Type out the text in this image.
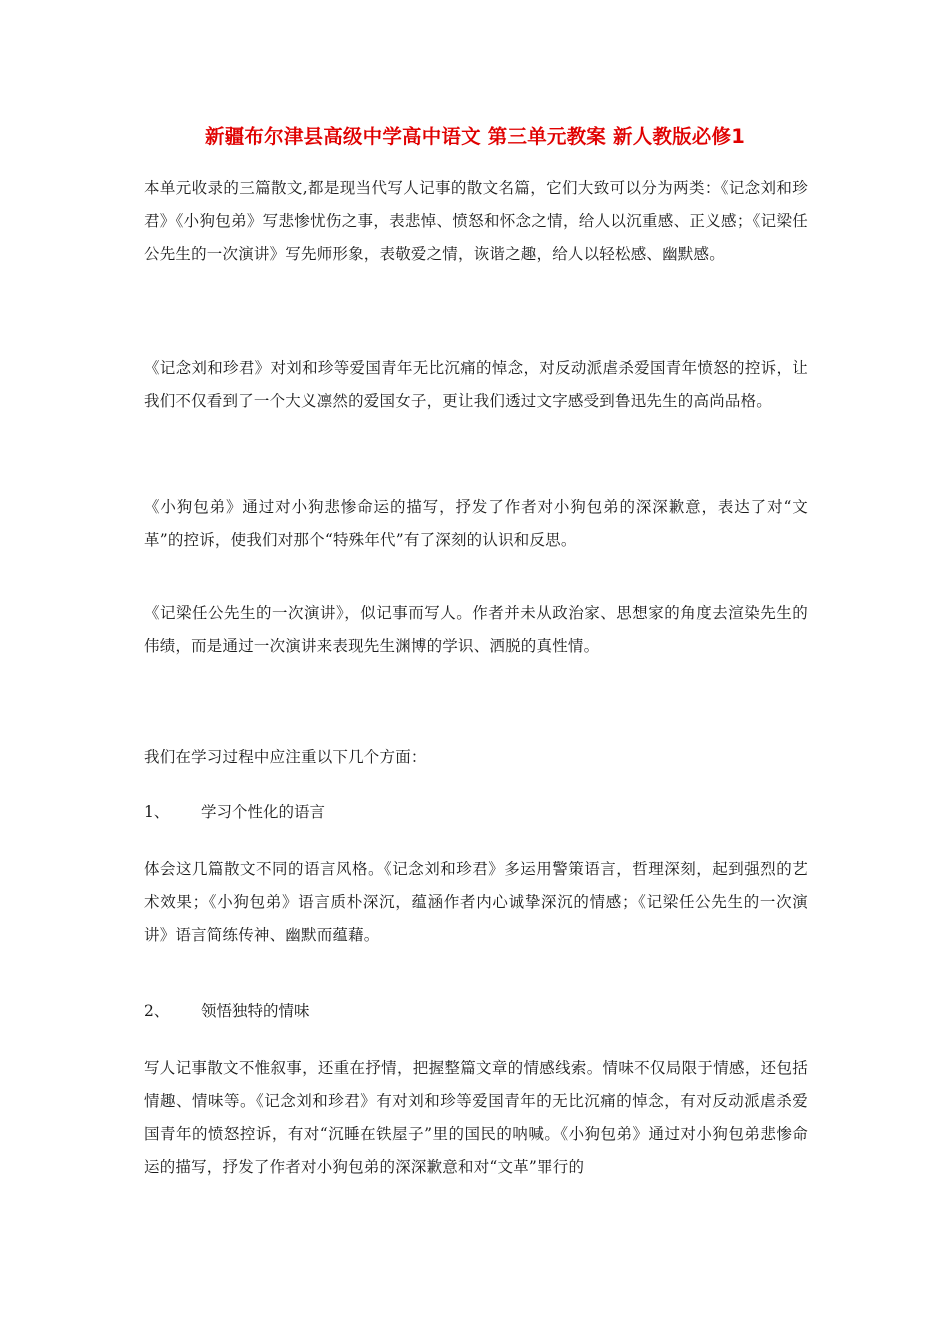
新疆布尔津县高级中学高中语文 第三单元教案 新人教版必修1
本单元收录的三篇散文,都是现当代写人记事的散文名篇，它们大致可以分为两类：《记念刘和珍君》《小狗包弟》写悲惨忧伤之事，表悲悼、愤怒和怀念之情，给人以沉重感、正义感；《记梁任公先生的一次演讲》写先师形象，表敬爱之情，诙谐之趣，给人以轻松感、幽默感。
《记念刘和珍君》对刘和珍等爱国青年无比沉痛的悼念，对反动派虐杀爱国青年愤怒的控诉，让我们不仅看到了一个大义凛然的爱国女子，更让我们透过文字感受到鲁迅先生的高尚品格。
《小狗包弟》通过对小狗悲惨命运的描写，抒发了作者对小狗包弟的深深歉意，表达了对“文革”的控诉，使我们对那个“特殊年代”有了深刻的认识和反思。
《记梁任公先生的一次演讲》，似记事而写人。作者并未从政治家、思想家的角度去渲染先生的伟绩，而是通过一次演讲来表现先生渊博的学识、洒脱的真性情。
我们在学习过程中应注重以下几个方面：
1、 学习个性化的语言
体会这几篇散文不同的语言风格。《记念刘和珍君》多运用警策语言，哲理深刻，起到强烈的艺术效果；《小狗包弟》语言质朴深沉，蕴涵作者内心诚挚深沉的情感；《记梁任公先生的一次演讲》语言简练传神、幽默而蕴藉。
2、 领悟独特的情味
写人记事散文不惟叙事，还重在抒情，把握整篇文章的情感线索。情味不仅局限于情感，还包括情趣、情味等。《记念刘和珍君》有对刘和珍等爱国青年的无比沉痛的悼念，有对反动派虐杀爱国青年的愤怒控诉，有对“沉睡在铁屋子”里的国民的呐喊。《小狗包弟》通过对小狗包弟悲惨命运的描写，抒发了作者对小狗包弟的深深歉意和对“文革”罪行的
